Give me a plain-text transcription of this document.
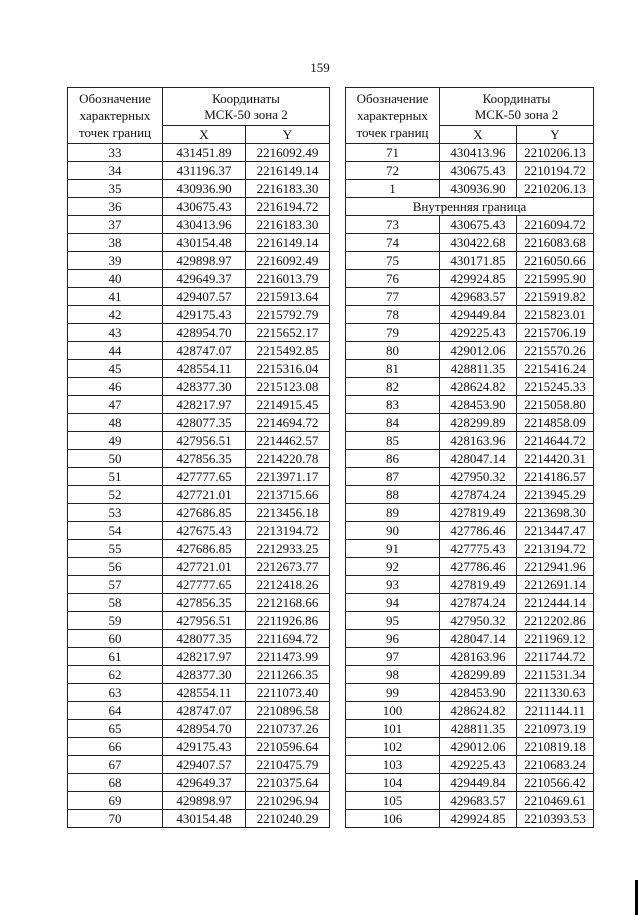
159
Обозначение
характерных
точек границ	Координаты
МСК-50 зона 2	
	X	Y
33	431451.89	2216092.49
34	431196.37	2216149.14
35	430936.90	2216183.30
36	430675.43	2216194.72
37	430413.96	2216183.30
38	430154.48	2216149.14
39	429898.97	2216092.49
40	429649.37	2216013.79
41	429407.57	2215913.64
42	429175.43	2215792.79
43	428954.70	2215652.17
44	428747.07	2215492.85
45	428554.11	2215316.04
46	428377.30	2215123.08
47	428217.97	2214915.45
48	428077.35	2214694.72
49	427956.51	2214462.57
50	427856.35	2214220.78
51	427777.65	2213971.17
52	427721.01	2213715.66
53	427686.85	2213456.18
54	427675.43	2213194.72
55	427686.85	2212933.25
56	427721.01	2212673.77
57	427777.65	2212418.26
58	427856.35	2212168.66
59	427956.51	2211926.86
60	428077.35	2211694.72
61	428217.97	2211473.99
62	428377.30	2211266.35
63	428554.11	2211073.40
64	428747.07	2210896.58
65	428954.70	2210737.26
66	429175.43	2210596.64
67	429407.57	2210475.79
68	429649.37	2210375.64
69	429898.97	2210296.94
70	430154.48	2210240.29
Обозначение
характерных
точек границ	Координаты
МСК-50 зона 2	
	X	Y
71	430413.96	2210206.13
72	430675.43	2210194.72
1	430936.90	2210206.13
Внутренняя граница		
73	430675.43	2216094.72
74	430422.68	2216083.68
75	430171.85	2216050.66
76	429924.85	2215995.90
77	429683.57	2215919.82
78	429449.84	2215823.01
79	429225.43	2215706.19
80	429012.06	2215570.26
81	428811.35	2215416.24
82	428624.82	2215245.33
83	428453.90	2215058.80
84	428299.89	2214858.09
85	428163.96	2214644.72
86	428047.14	2214420.31
87	427950.32	2214186.57
88	427874.24	2213945.29
89	427819.49	2213698.30
90	427786.46	2213447.47
91	427775.43	2213194.72
92	427786.46	2212941.96
93	427819.49	2212691.14
94	427874.24	2212444.14
95	427950.32	2212202.86
96	428047.14	2211969.12
97	428163.96	2211744.72
98	428299.89	2211531.34
99	428453.90	2211330.63
100	428624.82	2211144.11
101	428811.35	2210973.19
102	429012.06	2210819.18
103	429225.43	2210683.24
104	429449.84	2210566.42
105	429683.57	2210469.61
106	429924.85	2210393.53
